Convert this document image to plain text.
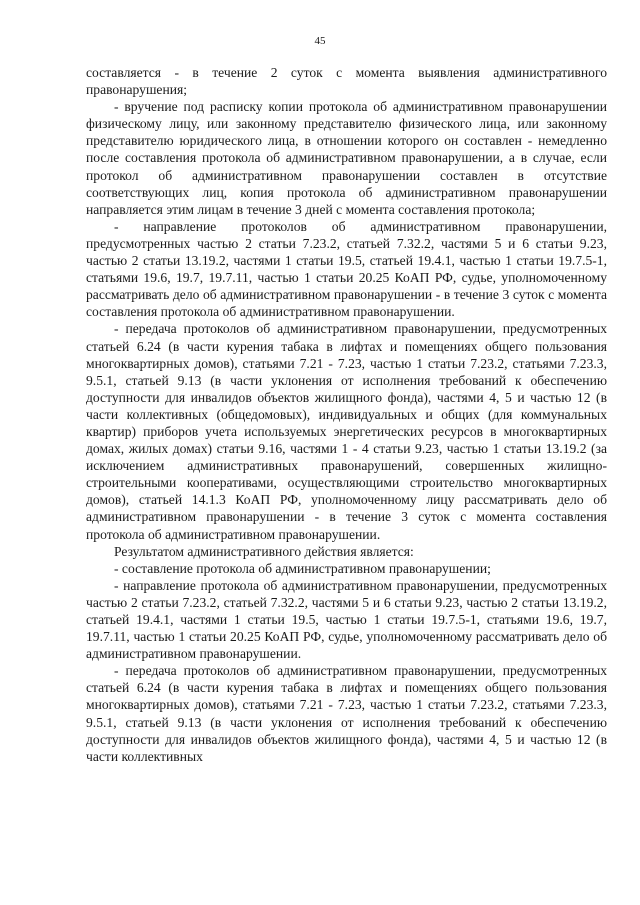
45

составляется - в течение 2 суток с момента выявления административного правонарушения;

- вручение под расписку копии протокола об административном правонарушении физическому лицу, или законному представителю физического лица, или законному представителю юридического лица, в отношении которого он составлен - немедленно после составления протокола об административном правонарушении, а в случае, если протокол об административном правонарушении составлен в отсутствие соответствующих лиц, копия протокола об административном правонарушении направляется этим лицам в течение 3 дней с момента составления протокола;

- направление протоколов об административном правонарушении, предусмотренных частью 2 статьи 7.23.2, статьей 7.32.2, частями 5 и 6 статьи 9.23, частью 2 статьи 13.19.2, частями 1 статьи 19.5, статьей 19.4.1, частью 1 статьи 19.7.5-1, статьями 19.6, 19.7, 19.7.11, частью 1 статьи 20.25 КоАП РФ, судье, уполномоченному рассматривать дело об административном правонарушении - в течение 3 суток с момента составления протокола об административном правонарушении.

- передача протоколов об административном правонарушении, предусмотренных статьей 6.24 (в части курения табака в лифтах и помещениях общего пользования многоквартирных домов), статьями 7.21 - 7.23, частью 1 статьи 7.23.2, статьями 7.23.3, 9.5.1, статьей 9.13 (в части уклонения от исполнения требований к обеспечению доступности для инвалидов объектов жилищного фонда), частями 4, 5 и частью 12 (в части коллективных (общедомовых), индивидуальных и общих (для коммунальных квартир) приборов учета используемых энергетических ресурсов в многоквартирных домах, жилых домах) статьи 9.16, частями 1 - 4 статьи 9.23, частью 1 статьи 13.19.2 (за исключением административных правонарушений, совершенных жилищно-строительными кооперативами, осуществляющими строительство многоквартирных домов), статьей 14.1.3 КоАП РФ, уполномоченному лицу рассматривать дело об административном правонарушении - в течение 3 суток с момента составления протокола об административном правонарушении.

Результатом административного действия является:

- составление протокола об административном правонарушении;

- направление протокола об административном правонарушении, предусмотренных частью 2 статьи 7.23.2, статьей 7.32.2, частями 5 и 6 статьи 9.23, частью 2 статьи 13.19.2, статьей 19.4.1, частями 1 статьи 19.5, частью 1 статьи 19.7.5-1, статьями 19.6, 19.7, 19.7.11, частью 1 статьи 20.25 КоАП РФ, судье, уполномоченному рассматривать дело об административном правонарушении.

- передача протоколов об административном правонарушении, предусмотренных статьей 6.24 (в части курения табака в лифтах и помещениях общего пользования многоквартирных домов), статьями 7.21 - 7.23, частью 1 статьи 7.23.2, статьями 7.23.3, 9.5.1, статьей 9.13 (в части уклонения от исполнения требований к обеспечению доступности для инвалидов объектов жилищного фонда), частями 4, 5 и частью 12 (в части коллективных
